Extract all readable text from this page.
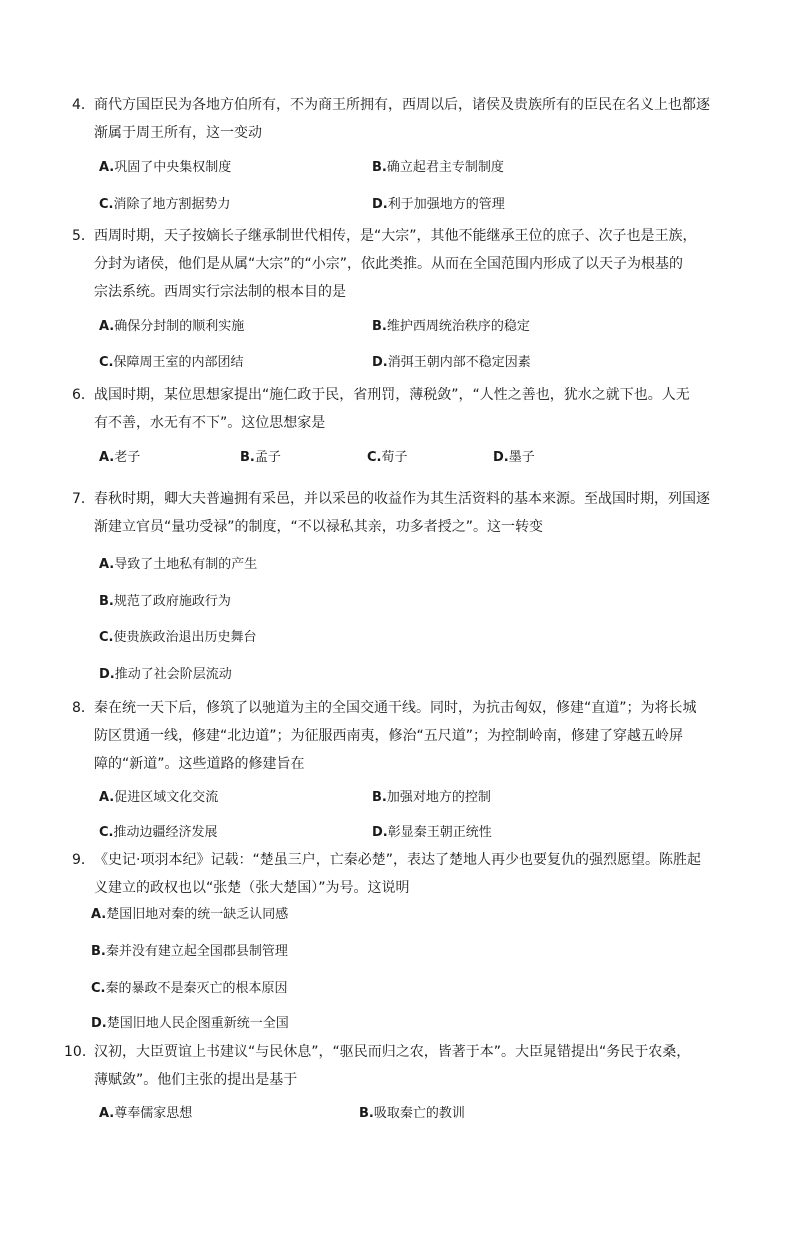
4．商代方国臣民为各地方伯所有，不为商王所拥有，西周以后，诸侯及贵族所有的臣民在名义上也都逐
渐属于周王所有，这一变动
A.巩固了中央集权制度	B.确立起君主专制制度
C.消除了地方割据势力	D.利于加强地方的管理
5．西周时期，天子按嫡长子继承制世代相传，是“大宗”，其他不能继承王位的庶子、次子也是王族，
分封为诸侯，他们是从属“大宗”的“小宗”，依此类推。从而在全国范围内形成了以天子为根基的
宗法系统。西周实行宗法制的根本目的是
A.确保分封制的顺利实施	B.维护西周统治秩序的稳定
C.保障周王室的内部团结	D.消弭王朝内部不稳定因素
6．战国时期，某位思想家提出“施仁政于民，省刑罚，薄税敛”，“人性之善也，犹水之就下也。人无
有不善，水无有不下”。这位思想家是
A.老子	B.孟子	C.荀子	D.墨子
7．春秋时期，卿大夫普遍拥有采邑，并以采邑的收益作为其生活资料的基本来源。至战国时期，列国逐
渐建立官员“量功受禄”的制度，“不以禄私其亲，功多者授之”。这一转变
A.导致了土地私有制的产生
B.规范了政府施政行为
C.使贵族政治退出历史舞台
D.推动了社会阶层流动
8．秦在统一天下后，修筑了以驰道为主的全国交通干线。同时，为抗击匈奴，修建“直道”；为将长城
防区贯通一线，修建“北边道”；为征服西南夷，修治“五尺道”；为控制岭南，修建了穿越五岭屏
障的“新道”。这些道路的修建旨在
A.促进区域文化交流	B.加强对地方的控制
C.推动边疆经济发展	D.彰显秦王朝正统性
9．《史记·项羽本纪》记载：“楚虽三户，亡秦必楚”，表达了楚地人再少也要复仇的强烈愿望。陈胜起
义建立的政权也以“张楚（张大楚国）”为号。这说明
A.楚国旧地对秦的统一缺乏认同感
B.秦并没有建立起全国郡县制管理
C.秦的暴政不是秦灭亡的根本原因
D.楚国旧地人民企图重新统一全国
10．汉初，大臣贾谊上书建议“与民休息”，“驱民而归之农，皆著于本”。大臣晁错提出“务民于农桑，
薄赋敛”。他们主张的提出是基于
A.尊奉儒家思想	B.吸取秦亡的教训
